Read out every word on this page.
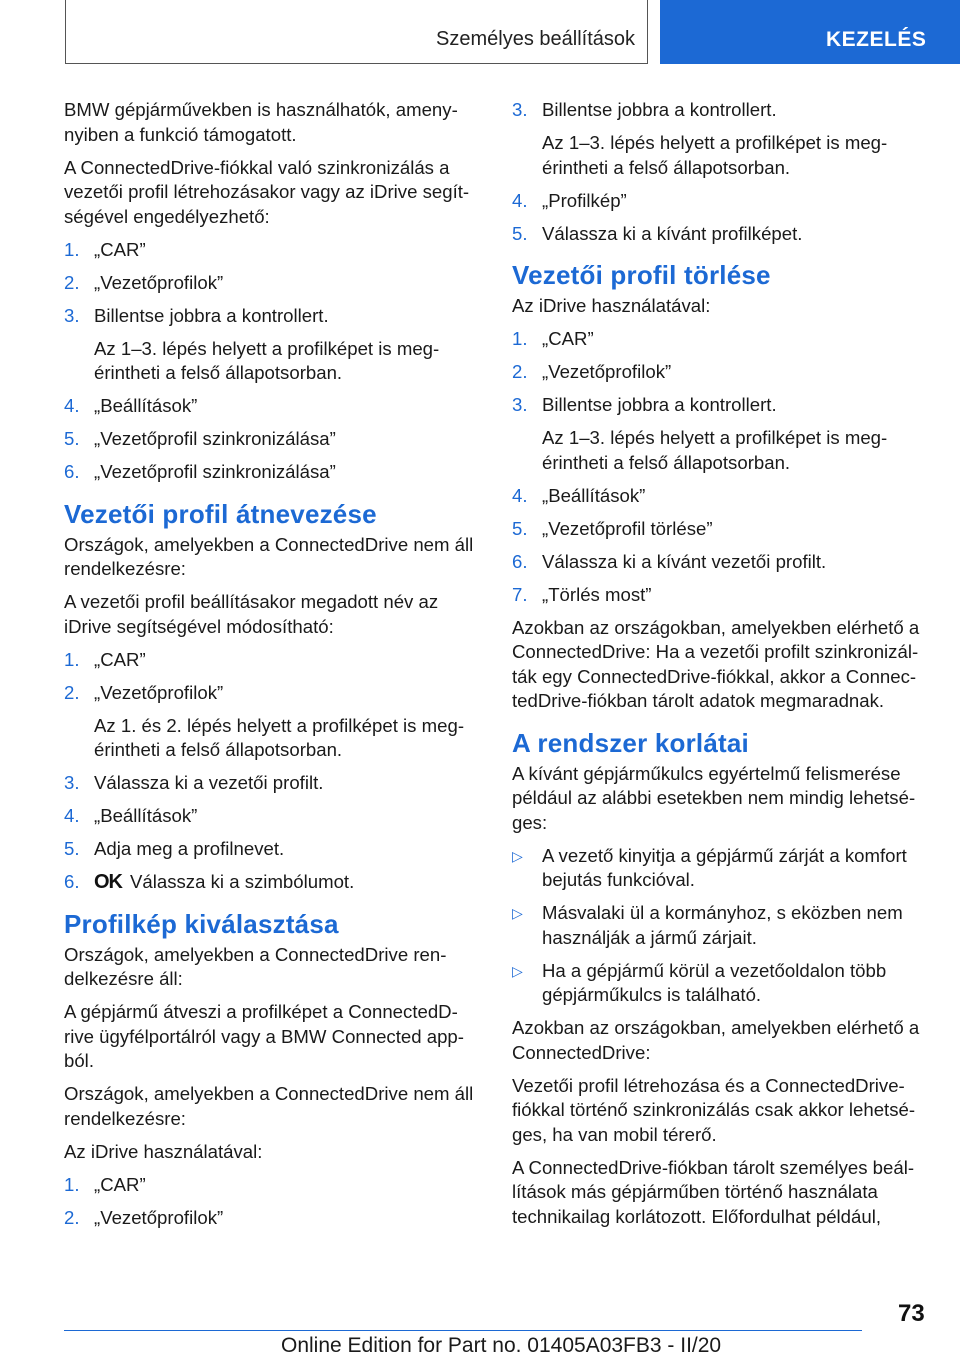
Személyes beállítások	KEZELÉS

BMW gépjárművekben is használhatók, amenynyiben a funkció támogatott.

A ConnectedDrive-fiókkal való szinkronizálás a vezetői profil létrehozásakor vagy az iDrive segítségével engedélyezhető:

1. „CAR”
2. „Vezetőprofilok”
3. Billentse jobbra a kontrollert.
Az 1–3. lépés helyett a profilképet is megérintheti a felső állapotsorban.
4. „Beállítások”
5. „Vezetőprofil szinkronizálása”
6. „Vezetőprofil szinkronizálása”
Vezetői profil átnevezése

Országok, amelyekben a ConnectedDrive nem áll rendelkezésre:

A vezetői profil beállításakor megadott név az iDrive segítségével módosítható:

1. „CAR”
2. „Vezetőprofilok”
Az 1. és 2. lépés helyett a profilképet is megérintheti a felső állapotsorban.
3. Válassza ki a vezetői profilt.
4. „Beállítások”
5. Adja meg a profilnevet.
6. OK Válassza ki a szimbólumot.
Profilkép kiválasztása

Országok, amelyekben a ConnectedDrive rendelkezésre áll:

A gépjármű átveszi a profilképet a ConnectedDrive ügyfélportálról vagy a BMW Connected app-ból.

Országok, amelyekben a ConnectedDrive nem áll rendelkezésre:

Az iDrive használatával:

1. „CAR”
2. „Vezetőprofilok”
3. Billentse jobbra a kontrollert.
Az 1–3. lépés helyett a profilképet is megérintheti a felső állapotsorban.
4. „Profilkép”
5. Válassza ki a kívánt profilképet.
Vezetői profil törlése

Az iDrive használatával:

1. „CAR”
2. „Vezetőprofilok”
3. Billentse jobbra a kontrollert.
Az 1–3. lépés helyett a profilképet is megérintheti a felső állapotsorban.
4. „Beállítások”
5. „Vezetőprofil törlése”
6. Válassza ki a kívánt vezetői profilt.
7. „Törlés most”

Azokban az országokban, amelyekben elérhető a ConnectedDrive: Ha a vezetői profilt szinkronizálták egy ConnectedDrive-fiókkal, akkor a ConnectedDrive-fiókban tárolt adatok megmaradnak.

A rendszer korlátai

A kívánt gépjárműkulcs egyértelmű felismerése például az alábbi esetekben nem mindig lehetséges:

▷ A vezető kinyitja a gépjármű zárját a komfort bejutás funkcióval.
▷ Másvalaki ül a kormányhoz, s eközben nem használják a jármű zárjait.
▷ Ha a gépjármű körül a vezetőoldalon több gépjárműkulcs is található.

Azokban az országokban, amelyekben elérhető a ConnectedDrive:

Vezetői profil létrehozása és a ConnectedDrive-fiókkal történő szinkronizálás csak akkor lehetséges, ha van mobil térerő.

A ConnectedDrive-fiókban tárolt személyes beállítások más gépjárműben történő használata technikailag korlátozott. Előfordulhat például,

73
Online Edition for Part no. 01405A03FB3 - II/20
